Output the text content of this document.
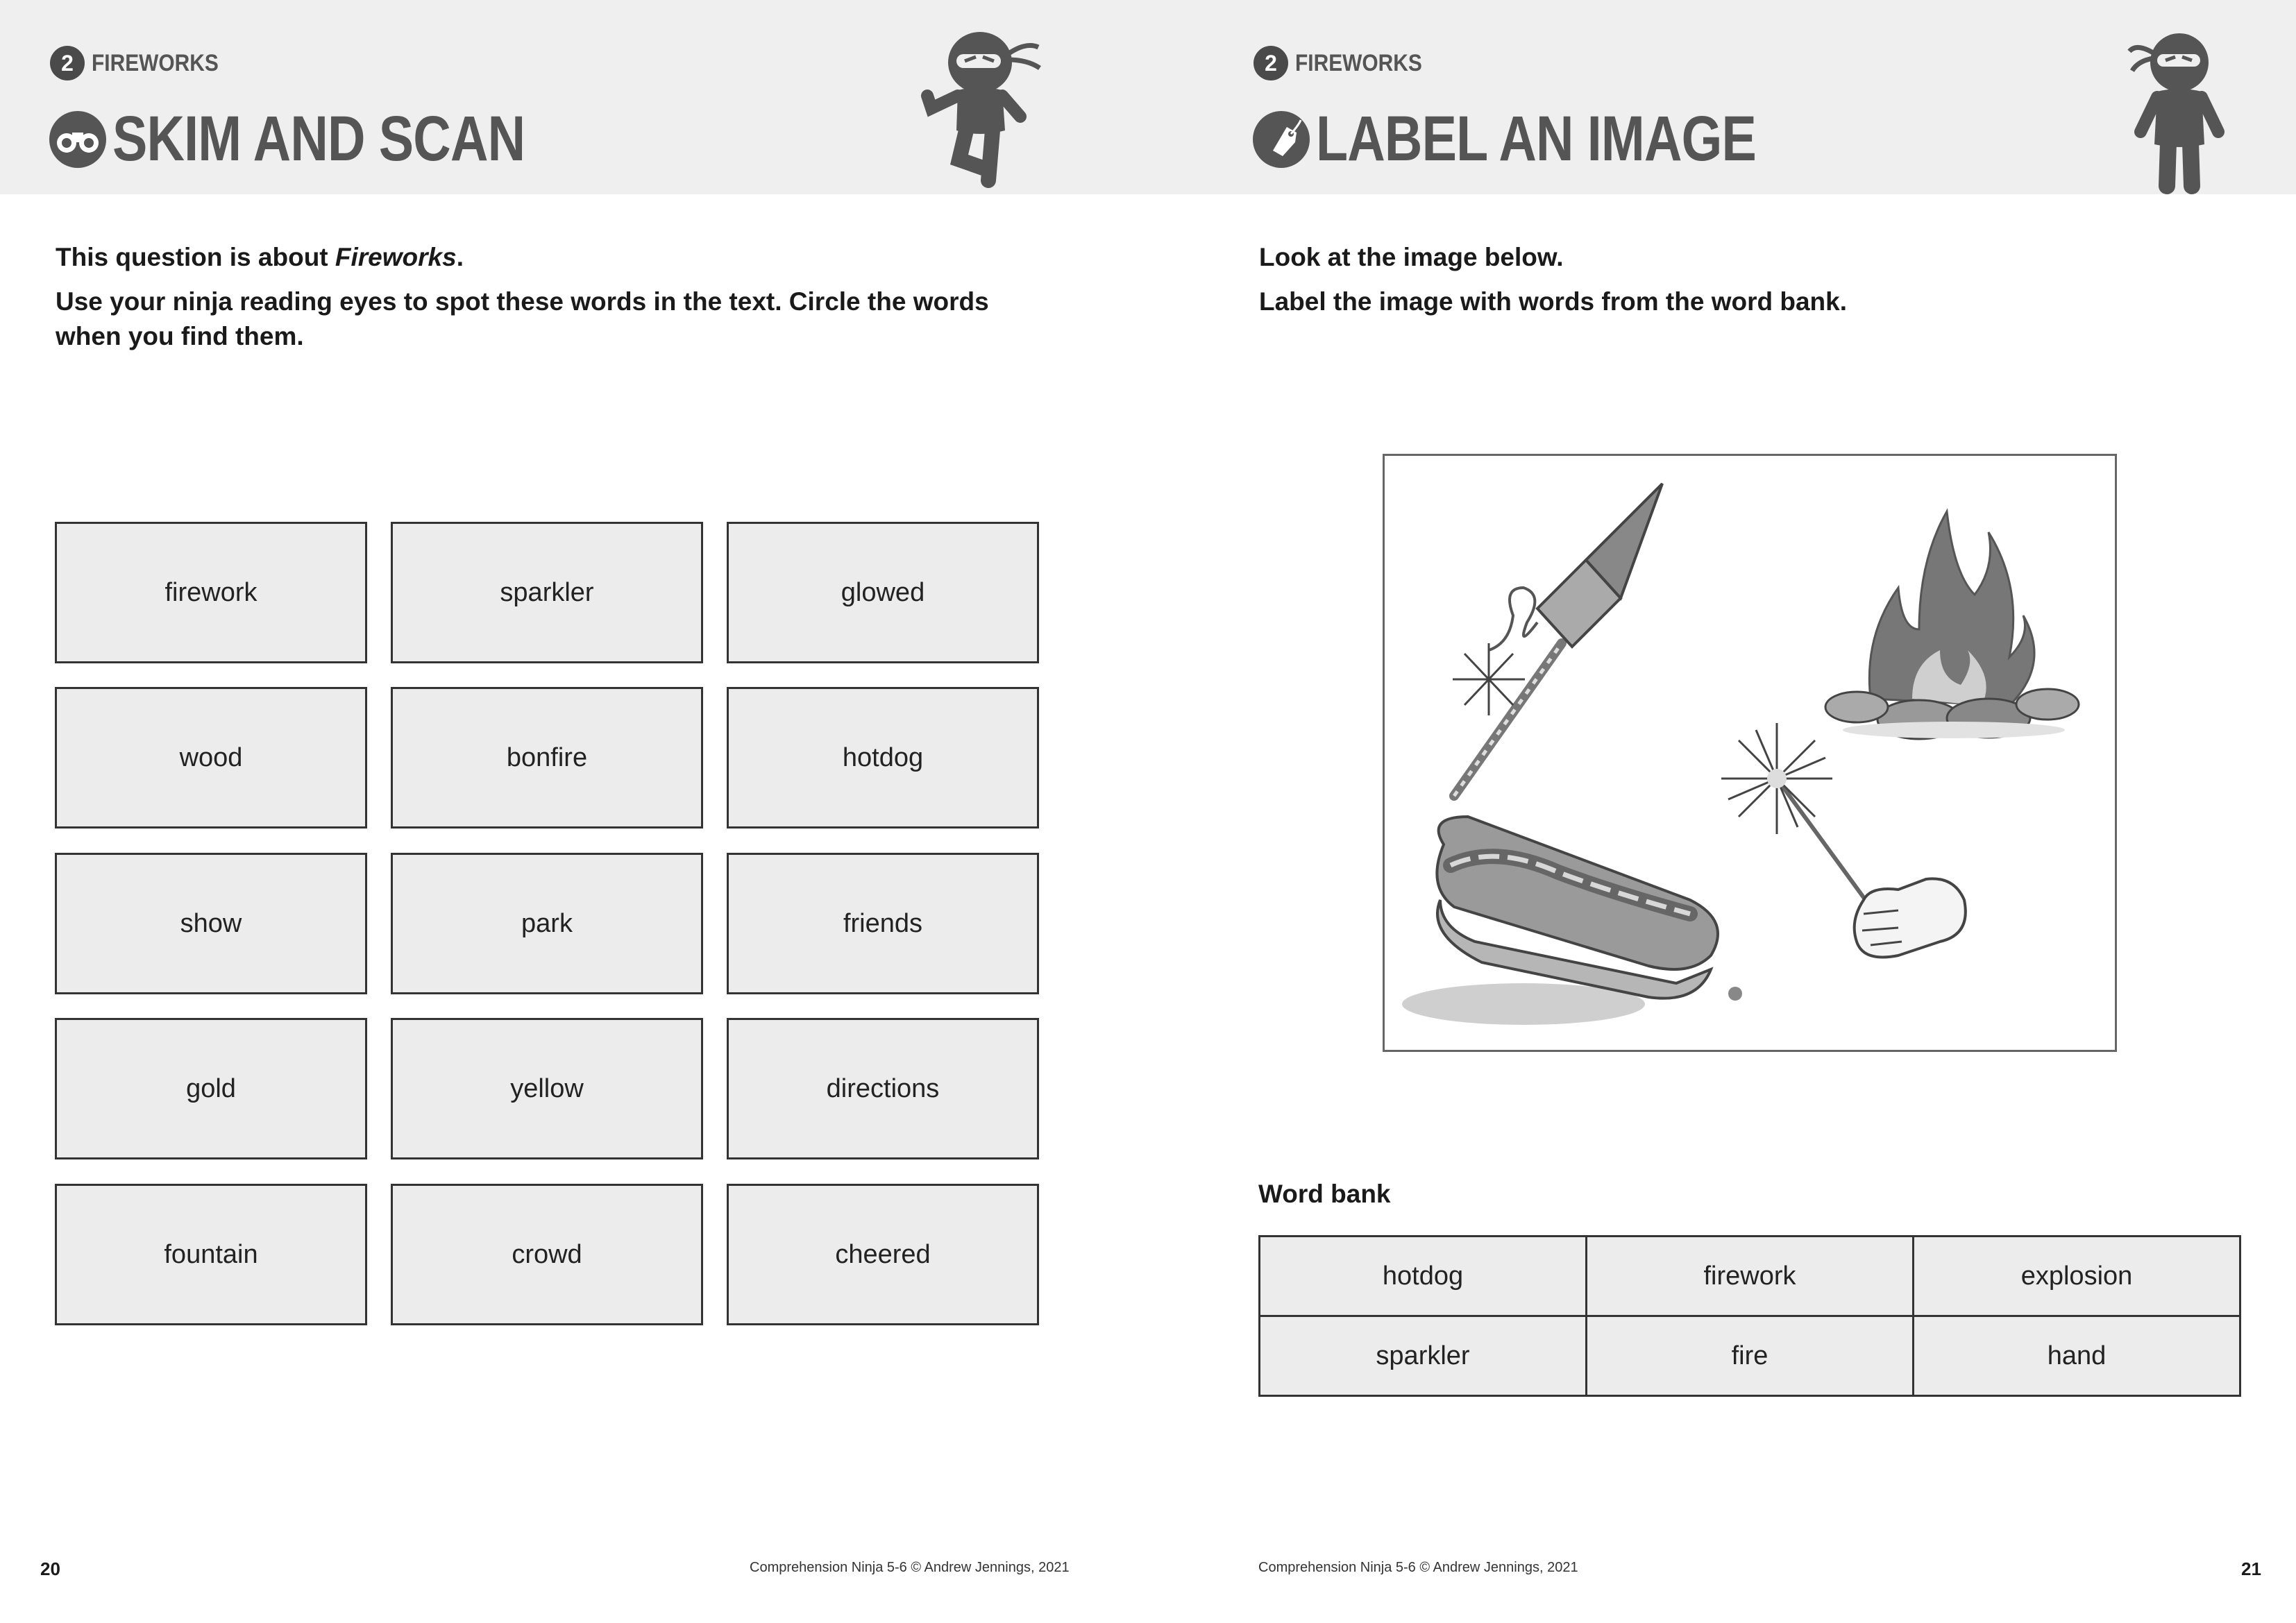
2 FIREWORKS
SKIM AND SCAN
This question is about Fireworks.
Use your ninja reading eyes to spot these words in the text. Circle the words when you find them.
firework	sparkler	glowed
wood	bonfire	hotdog
show	park	friends
gold	yellow	directions
fountain	crowd	cheered
20	Comprehension Ninja 5-6 © Andrew Jennings, 2021
2 FIREWORKS
LABEL AN IMAGE
Look at the image below.
Label the image with words from the word bank.
Word bank
hotdog	firework	explosion
sparkler	fire	hand
Comprehension Ninja 5-6 © Andrew Jennings, 2021	21
